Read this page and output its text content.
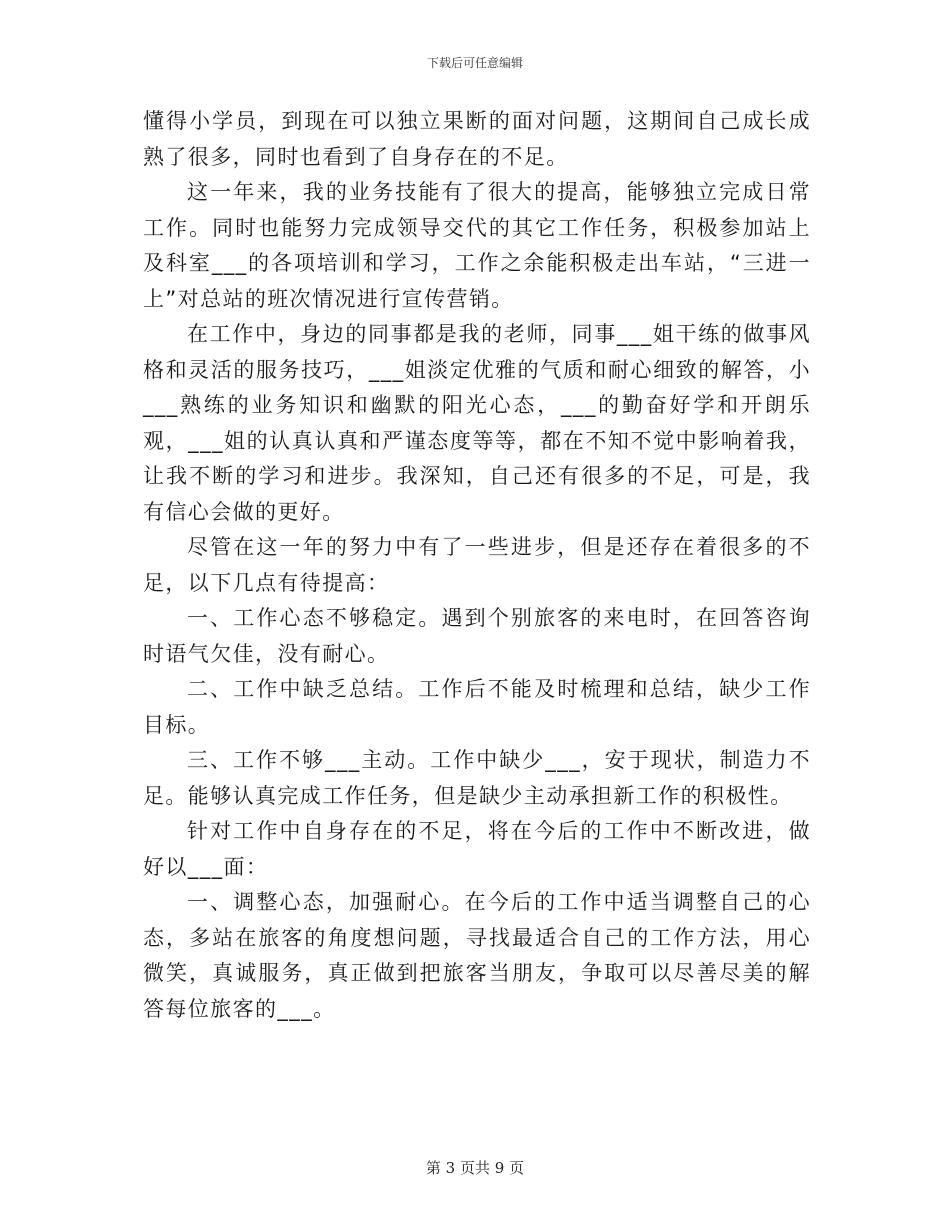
下载后可任意编辑

懂得小学员，到现在可以独立果断的面对问题，这期间自己成长成熟了很多，同时也看到了自身存在的不足。

这一年来，我的业务技能有了很大的提高，能够独立完成日常工作。同时也能努力完成领导交代的其它工作任务，积极参加站上及科室___的各项培训和学习，工作之余能积极走出车站，“三进一上”对总站的班次情况进行宣传营销。

在工作中，身边的同事都是我的老师，同事___姐干练的做事风格和灵活的服务技巧，___姐淡定优雅的气质和耐心细致的解答，小___熟练的业务知识和幽默的阳光心态，___的勤奋好学和开朗乐观，___姐的认真认真和严谨态度等等，都在不知不觉中影响着我，让我不断的学习和进步。我深知，自己还有很多的不足，可是，我有信心会做的更好。

尽管在这一年的努力中有了一些进步，但是还存在着很多的不足，以下几点有待提高：

一、工作心态不够稳定。遇到个别旅客的来电时，在回答咨询时语气欠佳，没有耐心。

二、工作中缺乏总结。工作后不能及时梳理和总结，缺少工作目标。

三、工作不够___主动。工作中缺少___，安于现状，制造力不足。能够认真完成工作任务，但是缺少主动承担新工作的积极性。

针对工作中自身存在的不足，将在今后的工作中不断改进，做好以___面：

一、调整心态，加强耐心。在今后的工作中适当调整自己的心态，多站在旅客的角度想问题，寻找最适合自己的工作方法，用心微笑，真诚服务，真正做到把旅客当朋友，争取可以尽善尽美的解答每位旅客的___。

第 3 页共 9 页
